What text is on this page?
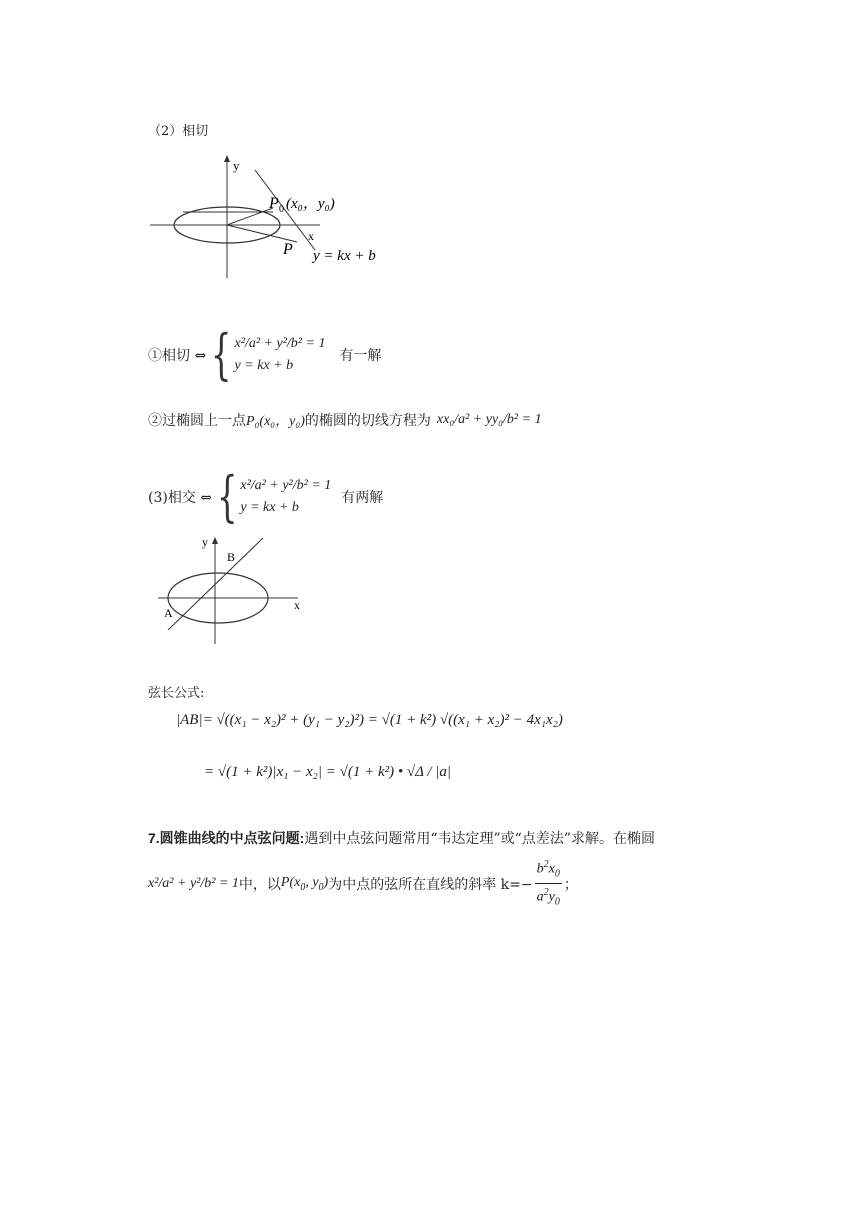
（2）相切
y
x
P 0 (x₀，y₀)
P y = kx + b
①相切 ⇔ { x²/a² + y²/b² = 1
y = kx + b
有一解
②过椭圆上一点 P₀(x₀，y₀) 的椭圆的切线方程为 xx₀/a² + yy₀/b² = 1
(3)相交 ⇔ { x²/a² + y²/b² = 1
y = kx + b
有两解
y
x
B
A
弦长公式:
|AB|= √((x₁ − x₂)² + (y₁ − y₂)²) = √(1 + k²) √((x₁ + x₂)² − 4x₁x₂)
= √(1 + k²)|x₁ − x₂| = √(1 + k²) • √Δ / |a|
7.圆锥曲线的中点弦问题:遇到中点弦问题常用“韦达定理”或“点差法”求解。在椭圆
x²/a² + y²/b² = 1 中，以 $P(x_0$, $y_0$) 为中点的弦所在直线的斜率 $k=- \frac{b^2x_0}{a^2y_0}$ ；
